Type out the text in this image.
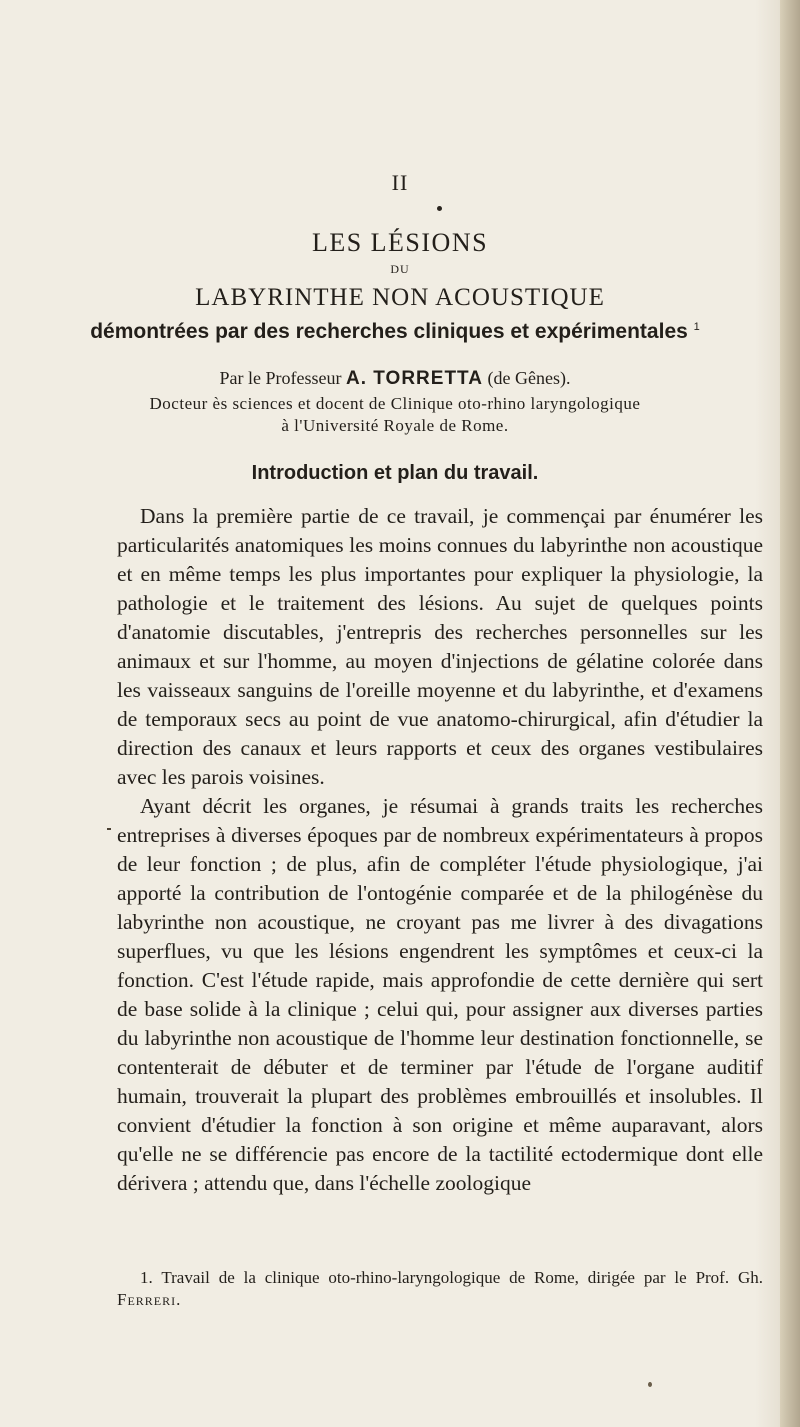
II
LES LÉSIONS
DU
LABYRINTHE NON ACOUSTIQUE
démontrées par des recherches cliniques et expérimentales $^1$
Par le Professeur A. TORRETTA (de Gênes).
Docteur ès sciences et docent de Clinique oto-rhino laryngologique
à l'Université Royale de Rome.
Introduction et plan du travail.

Dans la première partie de ce travail, je commençai par énumérer les particularités anatomiques les moins connues du labyrinthe non acoustique et en même temps les plus importantes pour expliquer la physiologie, la pathologie et le traitement des lésions. Au sujet de quelques points d'anatomie discutables, j'entrepris des recherches personnelles sur les animaux et sur l'homme, au moyen d'injections de gélatine colorée dans les vaisseaux sanguins de l'oreille moyenne et du labyrinthe, et d'examens de temporaux secs au point de vue anatomo-chirurgical, afin d'étudier la direction des canaux et leurs rapports et ceux des organes vestibulaires avec les parois voisines.

Ayant décrit les organes, je résumai à grands traits les recherches entreprises à diverses époques par de nombreux expérimentateurs à propos de leur fonction ; de plus, afin de compléter l'étude physiologique, j'ai apporté la contribution de l'ontogénie comparée et de la philogénèse du labyrinthe non acoustique, ne croyant pas me livrer à des divagations superflues, vu que les lésions engendrent les symptômes et ceux-ci la fonction. C'est l'étude rapide, mais approfondie de cette dernière qui sert de base solide à la clinique ; celui qui, pour assigner aux diverses parties du labyrinthe non acoustique de l'homme leur destination fonctionnelle, se contenterait de débuter et de terminer par l'étude de l'organe auditif humain, trouverait la plupart des problèmes embrouillés et insolubles. Il convient d'étudier la fonction à son origine et même auparavant, alors qu'elle ne se différencie pas encore de la tactilité ectodermique dont elle dérivera ; attendu que, dans l'échelle zoologique

1. Travail de la clinique oto-rhino-laryngologique de Rome, dirigée par le Prof. Gh. Ferreri.
